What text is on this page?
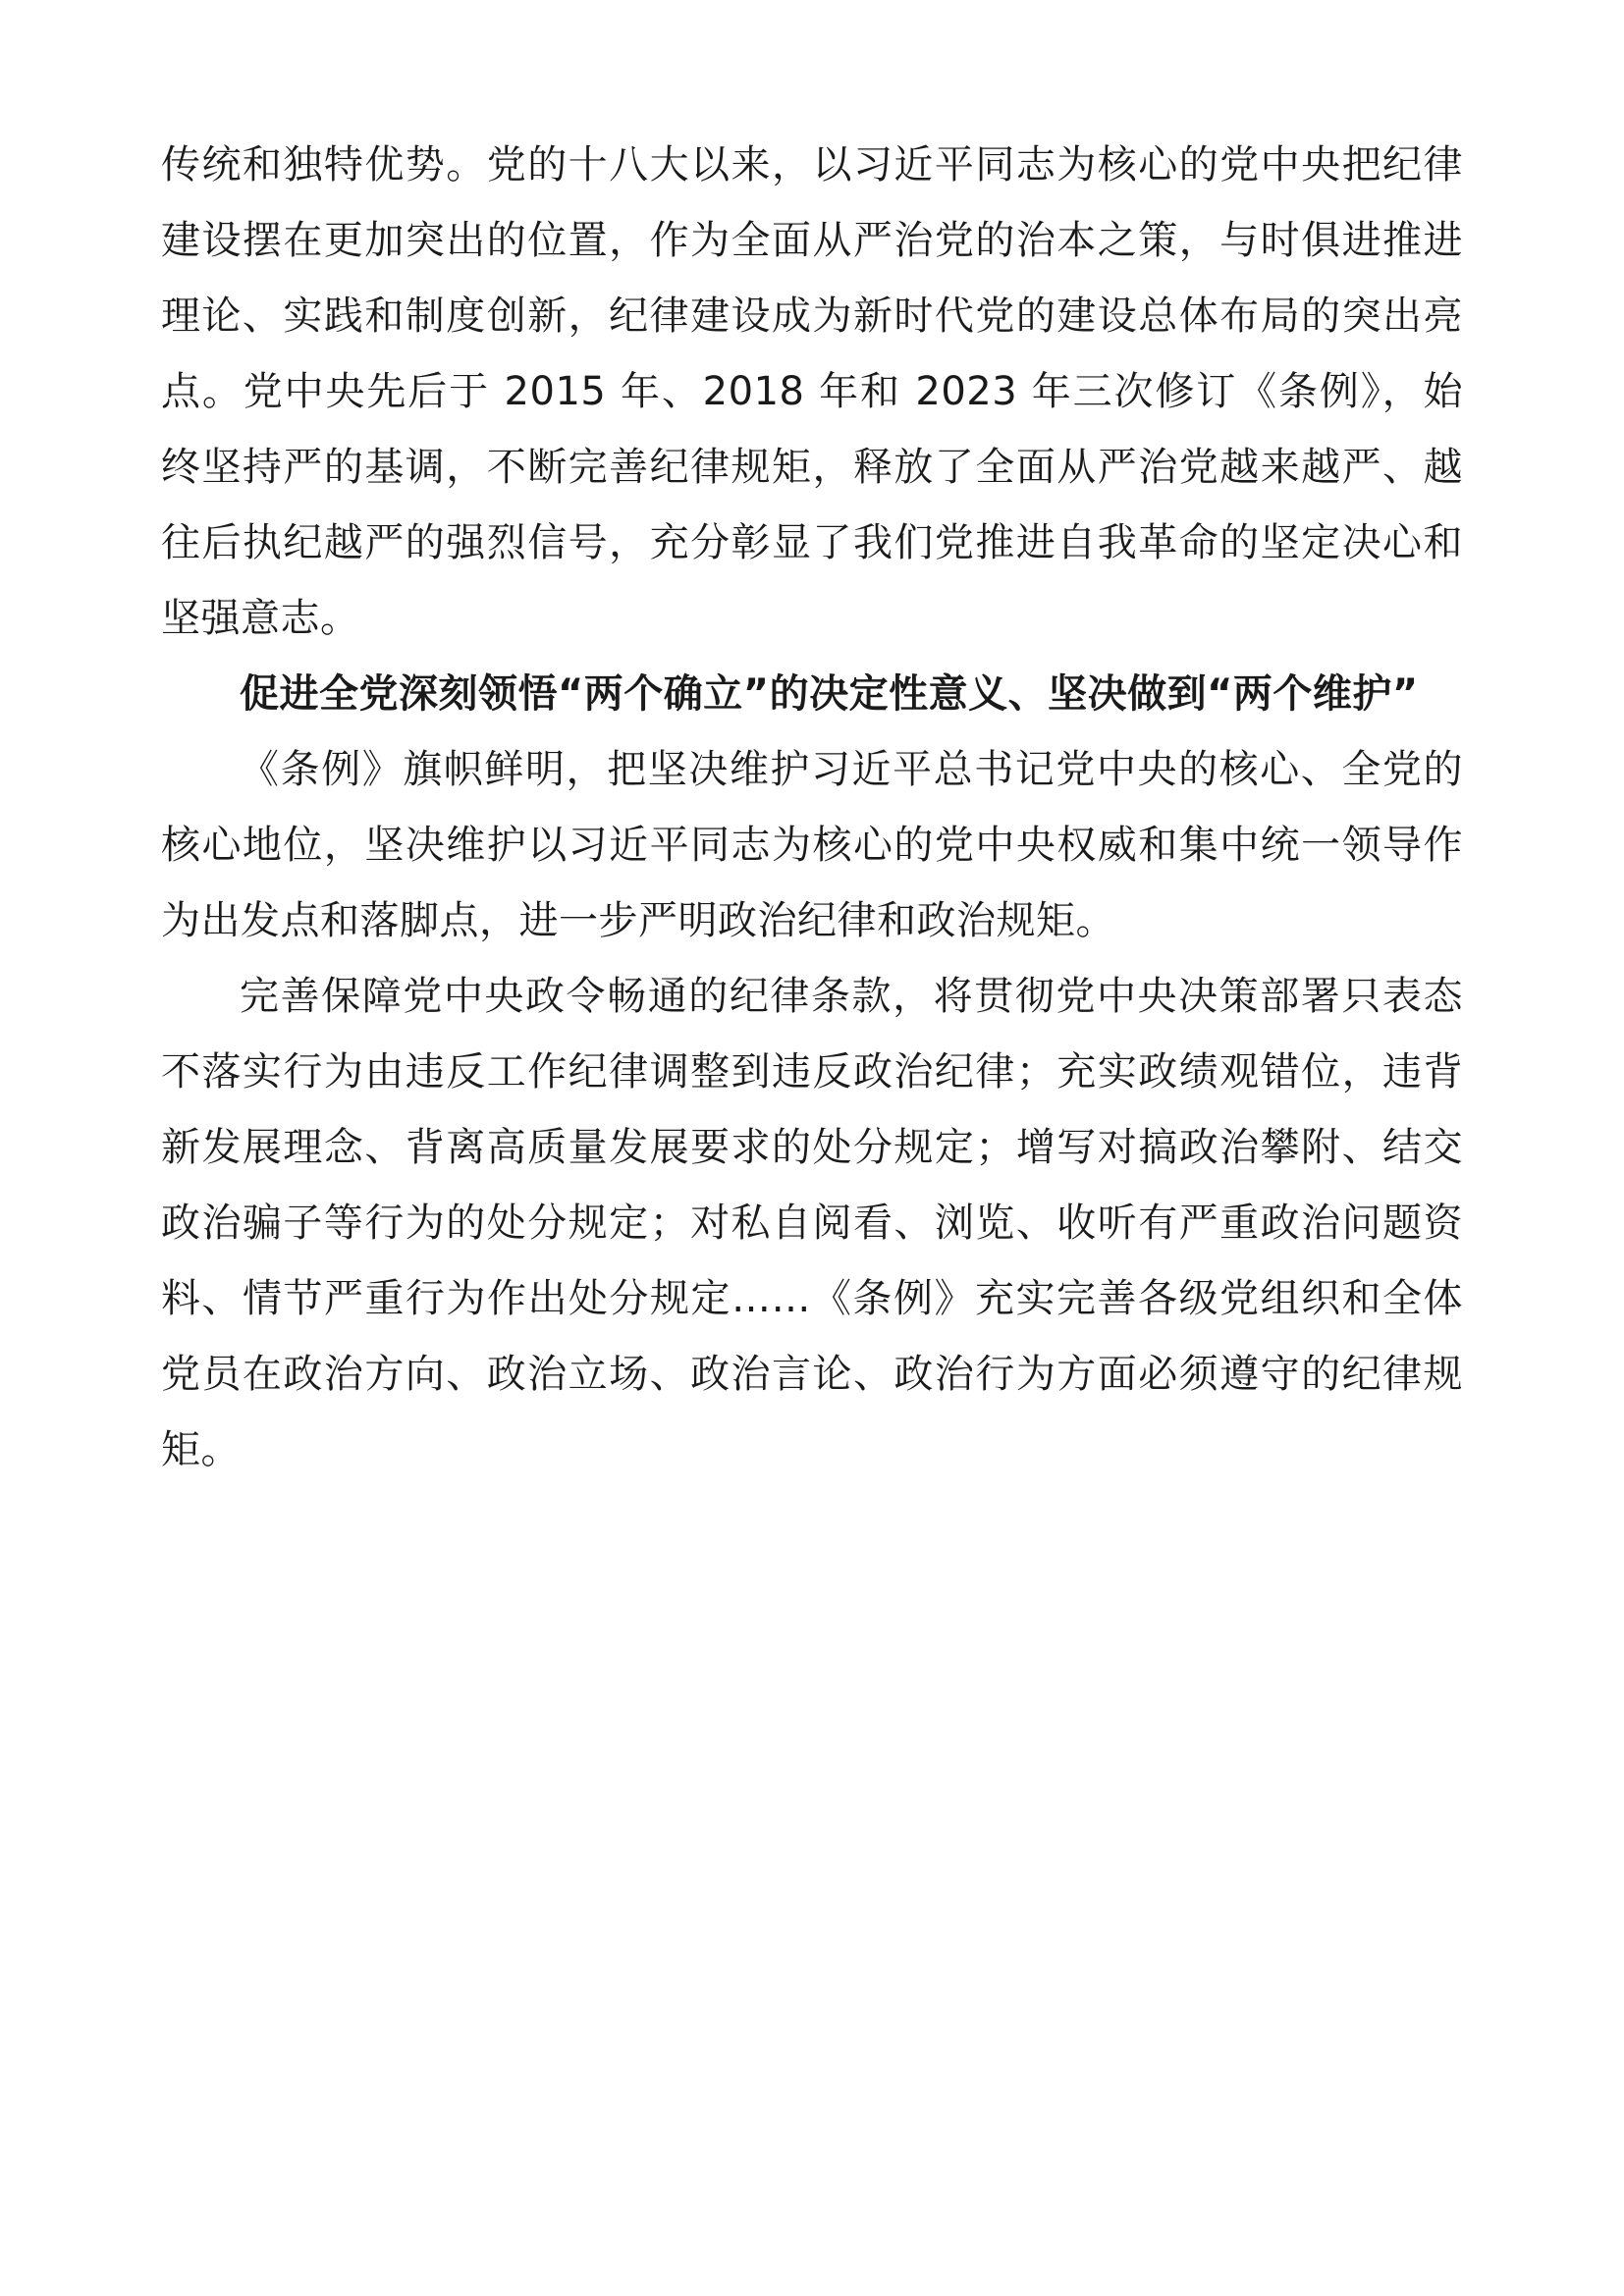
传统和独特优势。党的十八大以来，以习近平同志为核心的党中央把纪律建设摆在更加突出的位置，作为全面从严治党的治本之策，与时俱进推进理论、实践和制度创新，纪律建设成为新时代党的建设总体布局的突出亮点。党中央先后于 2015 年、2018 年和 2023 年三次修订《条例》，始终坚持严的基调，不断完善纪律规矩，释放了全面从严治党越来越严、越往后执纪越严的强烈信号，充分彰显了我们党推进自我革命的坚定决心和坚强意志。

促进全党深刻领悟“两个确立”的决定性意义、坚决做到“两个维护”

《条例》旗帜鲜明，把坚决维护习近平总书记党中央的核心、全党的核心地位，坚决维护以习近平同志为核心的党中央权威和集中统一领导作为出发点和落脚点，进一步严明政治纪律和政治规矩。

完善保障党中央政令畅通的纪律条款，将贯彻党中央决策部署只表态不落实行为由违反工作纪律调整到违反政治纪律；充实政绩观错位，违背新发展理念、背离高质量发展要求的处分规定；增写对搞政治攀附、结交政治骗子等行为的处分规定；对私自阅看、浏览、收听有严重政治问题资料、情节严重行为作出处分规定……《条例》充实完善各级党组织和全体党员在政治方向、政治立场、政治言论、政治行为方面必须遵守的纪律规矩。
